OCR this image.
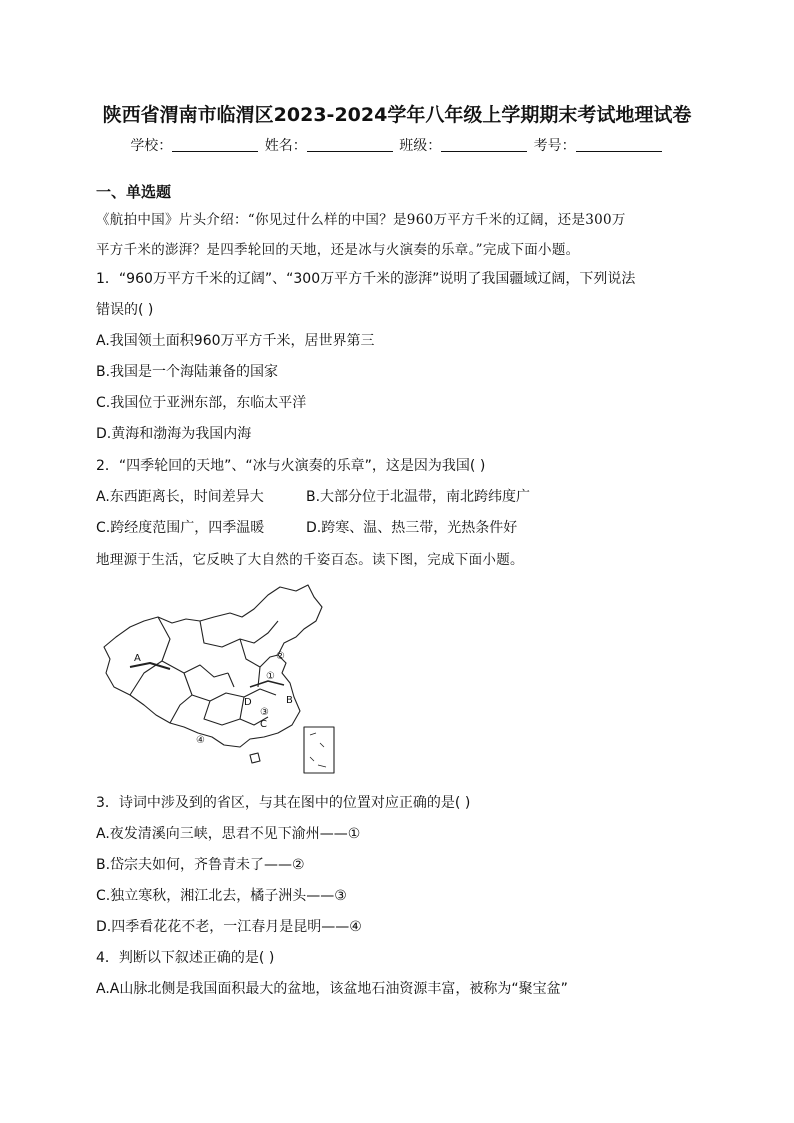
陕西省渭南市临渭区2023-2024学年八年级上学期期末考试地理试卷
学校：	姓名：	班级：	考号：
一、单选题
《航拍中国》片头介绍：“你见过什么样的中国？是960万平方千米的辽阔，还是300万
平方千米的澎湃？是四季轮回的天地，还是冰与火演奏的乐章。”完成下面小题。
1．“960万平方千米的辽阔”、“300万平方千米的澎湃”说明了我国疆域辽阔，下列说法
错误的( )
A.我国领土面积960万平方千米，居世界第三
B.我国是一个海陆兼备的国家
C.我国位于亚洲东部，东临太平洋
D.黄海和渤海为我国内海
2．“四季轮回的天地”、“冰与火演奏的乐章”，这是因为我国( )
A.东西距离长，时间差异大	B.大部分位于北温带，南北跨纬度广
C.跨经度范围广，四季温暖	D.跨寒、温、热三带，光热条件好
地理源于生活，它反映了大自然的千姿百态。读下图，完成下面小题。
A
B
C
D
①
②
③
④
3．诗词中涉及到的省区，与其在图中的位置对应正确的是( )
A.夜发清溪向三峡，思君不见下渝州——①
B.岱宗夫如何，齐鲁青未了——②
C.独立寒秋，湘江北去，橘子洲头——③
D.四季看花花不老，一江春月是昆明——④
4．判断以下叙述正确的是( )
A.A山脉北侧是我国面积最大的盆地，该盆地石油资源丰富，被称为“聚宝盆”
